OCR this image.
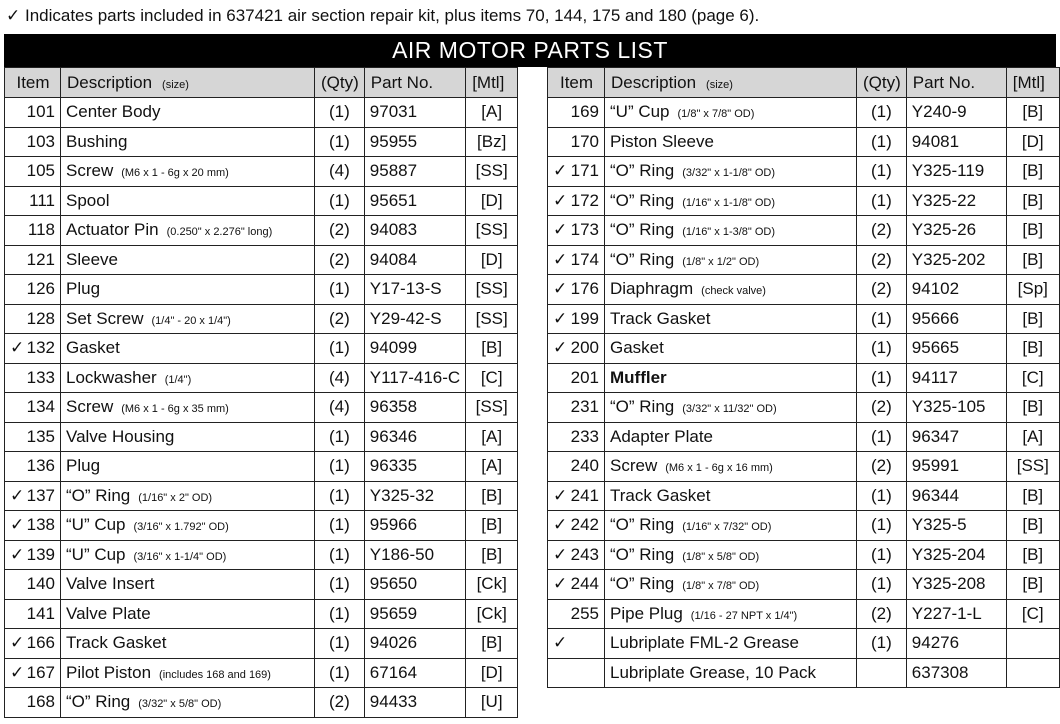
✓ Indicates parts included in 637421 air section repair kit, plus items 70, 144, 175 and 180 (page 6).
AIR MOTOR PARTS LIST
Item	Description (size)	(Qty)	Part No.	[Mtl]
101	Center Body	(1)	97031	[A]
103	Bushing	(1)	95955	[Bz]
105	Screw (M6 x 1 - 6g x 20 mm)	(4)	95887	[SS]
111	Spool	(1)	95651	[D]
118	Actuator Pin (0.250" x 2.276" long)	(2)	94083	[SS]
121	Sleeve	(2)	94084	[D]
126	Plug	(1)	Y17-13-S	[SS]
128	Set Screw (1/4" - 20 x 1/4")	(2)	Y29-42-S	[SS]

✓ 132	Gasket	(1)	94099	[B]
133	Lockwasher (1/4")	(4)	Y117-416-C	[C]
134	Screw (M6 x 1 - 6g x 35 mm)	(4)	96358	[SS]
135	Valve Housing	(1)	96346	[A]
136	Plug	(1)	96335	[A]

✓ 137	“O” Ring (1/16" x 2" OD)	(1)	Y325-32	[B]

✓ 138	“U” Cup (3/16" x 1.792" OD)	(1)	95966	[B]

✓ 139	“U” Cup (3/16" x 1-1/4" OD)	(1)	Y186-50	[B]
140	Valve Insert	(1)	95650	[Ck]
141	Valve Plate	(1)	95659	[Ck]

✓ 166	Track Gasket	(1)	94026	[B]

✓ 167	Pilot Piston (includes 168 and 169)	(1)	67164	[D]
168	“O” Ring (3/32" x 5/8" OD)	(2)	94433	[U]
Item	Description (size)	(Qty)	Part No.	[Mtl]
169	“U” Cup (1/8" x 7/8" OD)	(1)	Y240-9	[B]
170	Piston Sleeve	(1)	94081	[D]

✓ 171	“O” Ring (3/32" x 1-1/8" OD)	(1)	Y325-119	[B]

✓ 172	“O” Ring (1/16" x 1-1/8" OD)	(1)	Y325-22	[B]

✓ 173	“O” Ring (1/16" x 1-3/8" OD)	(2)	Y325-26	[B]

✓ 174	“O” Ring (1/8" x 1/2" OD)	(2)	Y325-202	[B]

✓ 176	Diaphragm (check valve)	(2)	94102	[Sp]

✓ 199	Track Gasket	(1)	95666	[B]

✓ 200	Gasket	(1)	95665	[B]
201	Muffler	(1)	94117	[C]
231	“O” Ring (3/32" x 11/32" OD)	(2)	Y325-105	[B]
233	Adapter Plate	(1)	96347	[A]
240	Screw (M6 x 1 - 6g x 16 mm)	(2)	95991	[SS]

✓ 241	Track Gasket	(1)	96344	[B]

✓ 242	“O” Ring (1/16" x 7/32" OD)	(1)	Y325-5	[B]

✓ 243	“O” Ring (1/8" x 5/8" OD)	(1)	Y325-204	[B]

✓ 244	“O” Ring (1/8" x 7/8" OD)	(1)	Y325-208	[B]
255	Pipe Plug (1/16 - 27 NPT x 1/4")	(2)	Y227-1-L	[C]

✓	Lubriplate FML-2 Grease	(1)	94276	
	Lubriplate Grease, 10 Pack		637308	
